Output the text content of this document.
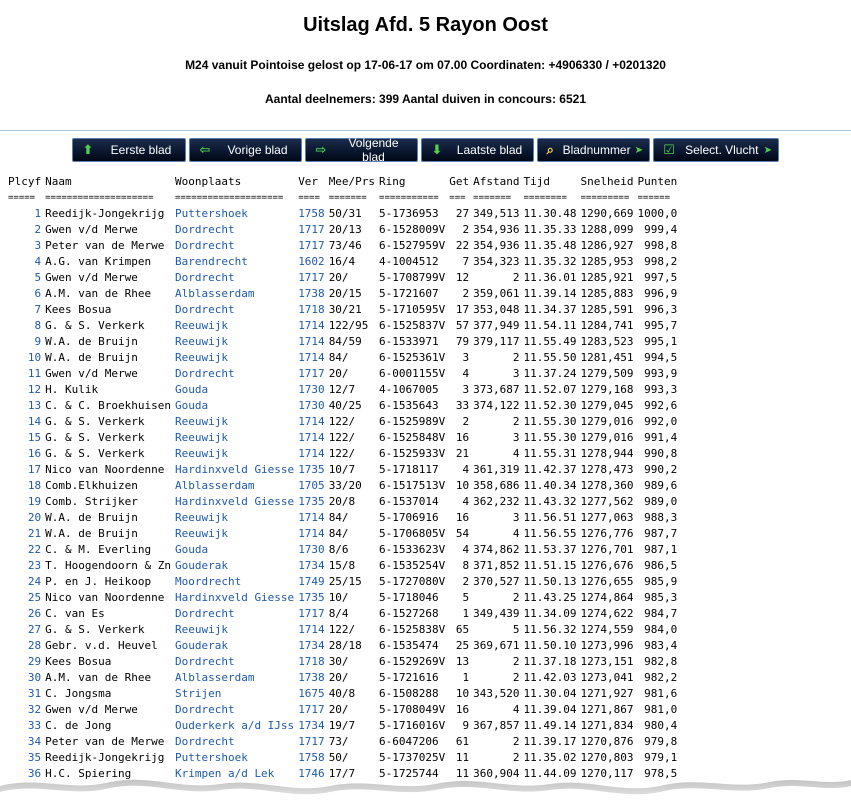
Uitslag Afd. 5 Rayon Oost
M24 vanuit Pointoise gelost op 17-06-17 om 07.00 Coordinaten: +4906330 / +0201320
Aantal deelnemers: 399 Aantal duiven in concours: 6521
⬆	Eerste blad	⇦	Vorige blad	⇨	Volgende blad	⬇	Laatste blad	⌕ Bladnummer ➤ ☑ Select. Vlucht ➤
Plcyf	Naam	Woonplaats	Ver	Mee/Prs	Ring	Get	Afstand	Tijd	Snelheid	Punten
=====	====================	====================	====	=======	===========	===	=======	========	=========	======
1	Reedijk-Jongekrijg	Puttershoek	1758	50/31	5-1736953	27	349,513	11.30.48	1290,669	1000,0
2	Gwen v/d Merwe	Dordrecht	1717	20/13	6-1528009V	2	354,936	11.35.33	1288,099	999,4
3	Peter van de Merwe	Dordrecht	1717	73/46	6-1527959V	22	354,936	11.35.48	1286,927	998,8
4	A.G. van Krimpen	Barendrecht	1602	16/4	4-1004512	7	354,323	11.35.32	1285,953	998,2
5	Gwen v/d Merwe	Dordrecht	1717	20/	5-1708799V	12	2	11.36.01	1285,921	997,5
6	A.M. van de Rhee	Alblasserdam	1738	20/15	5-1721607	2	359,061	11.39.14	1285,883	996,9
7	Kees Bosua	Dordrecht	1718	30/21	5-1710595V	17	353,048	11.34.37	1285,591	996,3
8	G. & S. Verkerk	Reeuwijk	1714	122/95	6-1525837V	57	377,949	11.54.11	1284,741	995,7
9	W.A. de Bruijn	Reeuwijk	1714	84/59	6-1533971	79	379,117	11.55.49	1283,523	995,1
10	W.A. de Bruijn	Reeuwijk	1714	84/	6-1525361V	3	2	11.55.50	1281,451	994,5
11	Gwen v/d Merwe	Dordrecht	1717	20/	6-0001155V	4	3	11.37.24	1279,509	993,9
12	H. Kulik	Gouda	1730	12/7	4-1067005	3	373,687	11.52.07	1279,168	993,3
13	C. & C. Broekhuisen	Gouda	1730	40/25	6-1535643	33	374,122	11.52.30	1279,045	992,6
14	G. & S. Verkerk	Reeuwijk	1714	122/	6-1525989V	2	2	11.55.30	1279,016	992,0
15	G. & S. Verkerk	Reeuwijk	1714	122/	6-1525848V	16	3	11.55.30	1279,016	991,4
16	G. & S. Verkerk	Reeuwijk	1714	122/	6-1525933V	21	4	11.55.31	1278,944	990,8
17	Nico van Noordenne	Hardinxveld Giesse	1735	10/7	5-1718117	4	361,319	11.42.37	1278,473	990,2
18	Comb.Elkhuizen	Alblasserdam	1705	33/20	6-1517513V	10	358,686	11.40.34	1278,360	989,6
19	Comb. Strijker	Hardinxveld Giesse	1735	20/8	6-1537014	4	362,232	11.43.32	1277,562	989,0
20	W.A. de Bruijn	Reeuwijk	1714	84/	5-1706916	16	3	11.56.51	1277,063	988,3
21	W.A. de Bruijn	Reeuwijk	1714	84/	5-1706805V	54	4	11.56.55	1276,776	987,7
22	C. & M. Everling	Gouda	1730	8/6	6-1533623V	4	374,862	11.53.37	1276,701	987,1
23	T. Hoogendoorn & Zn	Gouderak	1734	15/8	6-1535254V	8	371,852	11.51.15	1276,676	986,5
24	P. en J. Heikoop	Moordrecht	1749	25/15	5-1727080V	2	370,527	11.50.13	1276,655	985,9
25	Nico van Noordenne	Hardinxveld Giesse	1735	10/	5-1718046	5	2	11.43.25	1274,864	985,3
26	C. van Es	Dordrecht	1717	8/4	6-1527268	1	349,439	11.34.09	1274,622	984,7
27	G. & S. Verkerk	Reeuwijk	1714	122/	6-1525838V	65	5	11.56.32	1274,559	984,0
28	Gebr. v.d. Heuvel	Gouderak	1734	28/18	6-1535474	25	369,671	11.50.10	1273,996	983,4
29	Kees Bosua	Dordrecht	1718	30/	6-1529269V	13	2	11.37.18	1273,151	982,8
30	A.M. van de Rhee	Alblasserdam	1738	20/	5-1721616	1	2	11.42.03	1273,041	982,2
31	C. Jongsma	Strijen	1675	40/8	6-1508288	10	343,520	11.30.04	1271,927	981,6
32	Gwen v/d Merwe	Dordrecht	1717	20/	5-1708049V	16	4	11.39.04	1271,867	981,0
33	C. de Jong	Ouderkerk a/d IJss	1734	19/7	5-1716016V	9	367,857	11.49.14	1271,834	980,4
34	Peter van de Merwe	Dordrecht	1717	73/	6-6047206	61	2	11.39.17	1270,876	979,8
35	Reedijk-Jongekrijg	Puttershoek	1758	50/	5-1737025V	11	2	11.35.02	1270,803	979,1
36	H.C. Spiering	Krimpen a/d Lek	1746	17/7	5-1725744	11	360,904	11.44.09	1270,117	978,5
